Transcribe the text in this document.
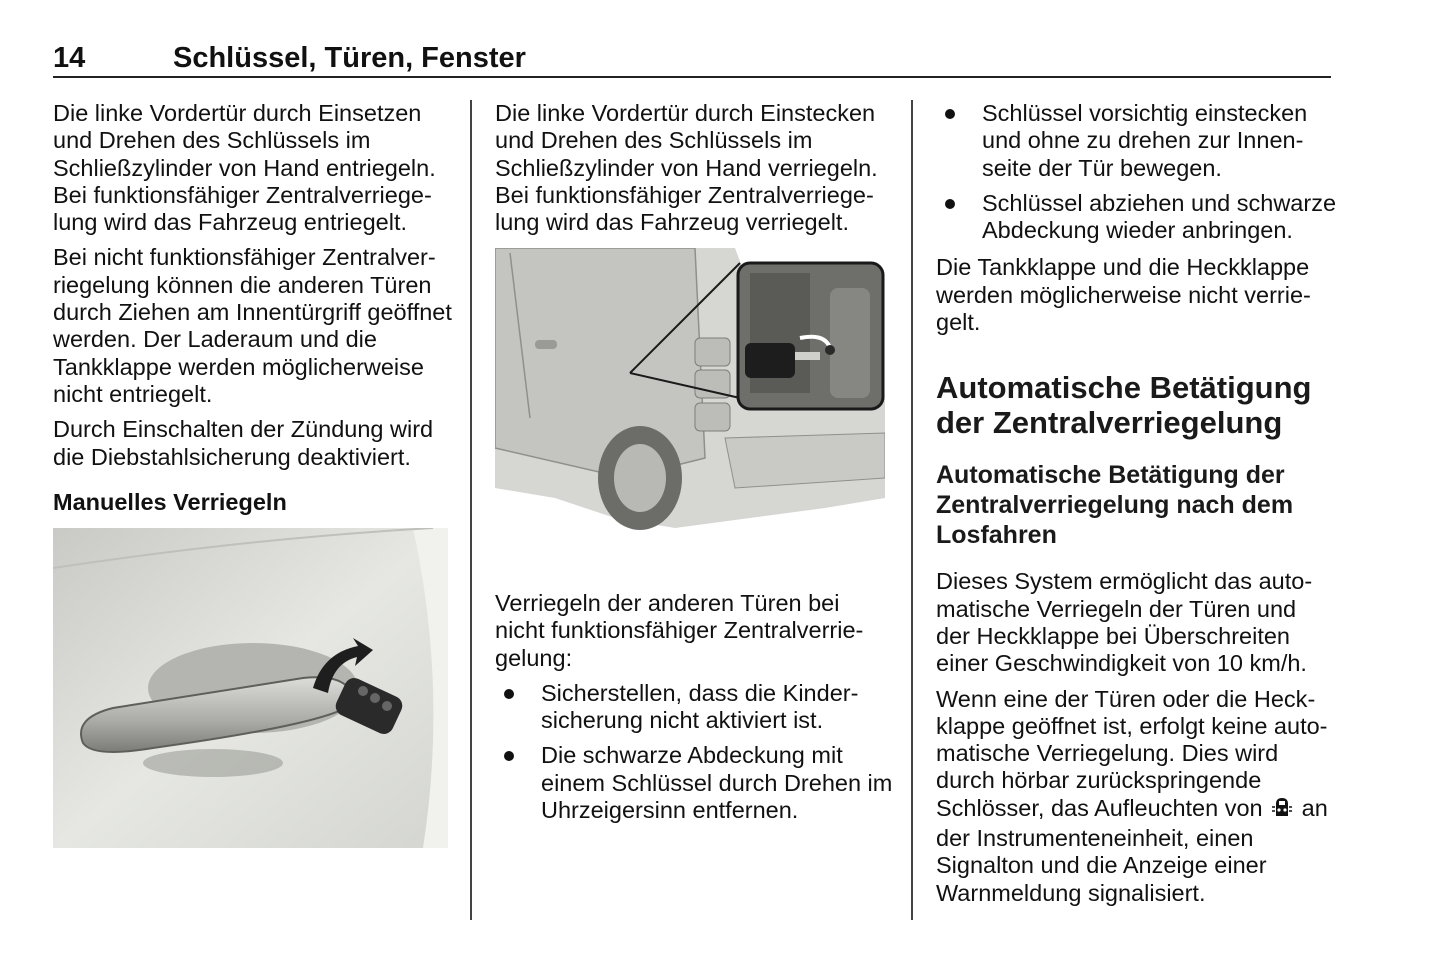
14	Schlüssel, Türen, Fenster

Die linke Vordertür durch Einsetzen und Drehen des Schlüssels im Schließzylinder von Hand entriegeln. Bei funktionsfähiger Zentralverriegelung wird das Fahrzeug entriegelt.

Bei nicht funktionsfähiger Zentralverriegelung können die anderen Türen durch Ziehen am Innentürgriff geöffnet werden. Der Laderaum und die Tankklappe werden möglicherweise nicht entriegelt.

Durch Einschalten der Zündung wird die Diebstahlsicherung deaktiviert.

Manuelles Verriegeln

Die linke Vordertür durch Einstecken und Drehen des Schlüssels im Schließzylinder von Hand verriegeln. Bei funktionsfähiger Zentralverriegelung wird das Fahrzeug verriegelt.

Verriegeln der anderen Türen bei nicht funktionsfähiger Zentralverriegelung:

Sicherstellen, dass die Kindersicherung nicht aktiviert ist.
Die schwarze Abdeckung mit einem Schlüssel durch Drehen im Uhrzeigersinn entfernen.
Schlüssel vorsichtig einstecken und ohne zu drehen zur Innenseite der Tür bewegen.
Schlüssel abziehen und schwarze Abdeckung wieder anbringen.

Die Tankklappe und die Heckklappe werden möglicherweise nicht verriegelt.

Automatische Betätigung der Zentralverriegelung
Automatische Betätigung der Zentralverriegelung nach dem Losfahren

Dieses System ermöglicht das automatische Verriegeln der Türen und der Heckklappe bei Überschreiten einer Geschwindigkeit von 10 km/h.

Wenn eine der Türen oder die Heckklappe geöffnet ist, erfolgt keine automatische Verriegelung. Dies wird durch hörbar zurückspringende Schlösser, das Aufleuchten von an der Instrumenteneinheit, einen Signalton und die Anzeige einer Warnmeldung signalisiert.
